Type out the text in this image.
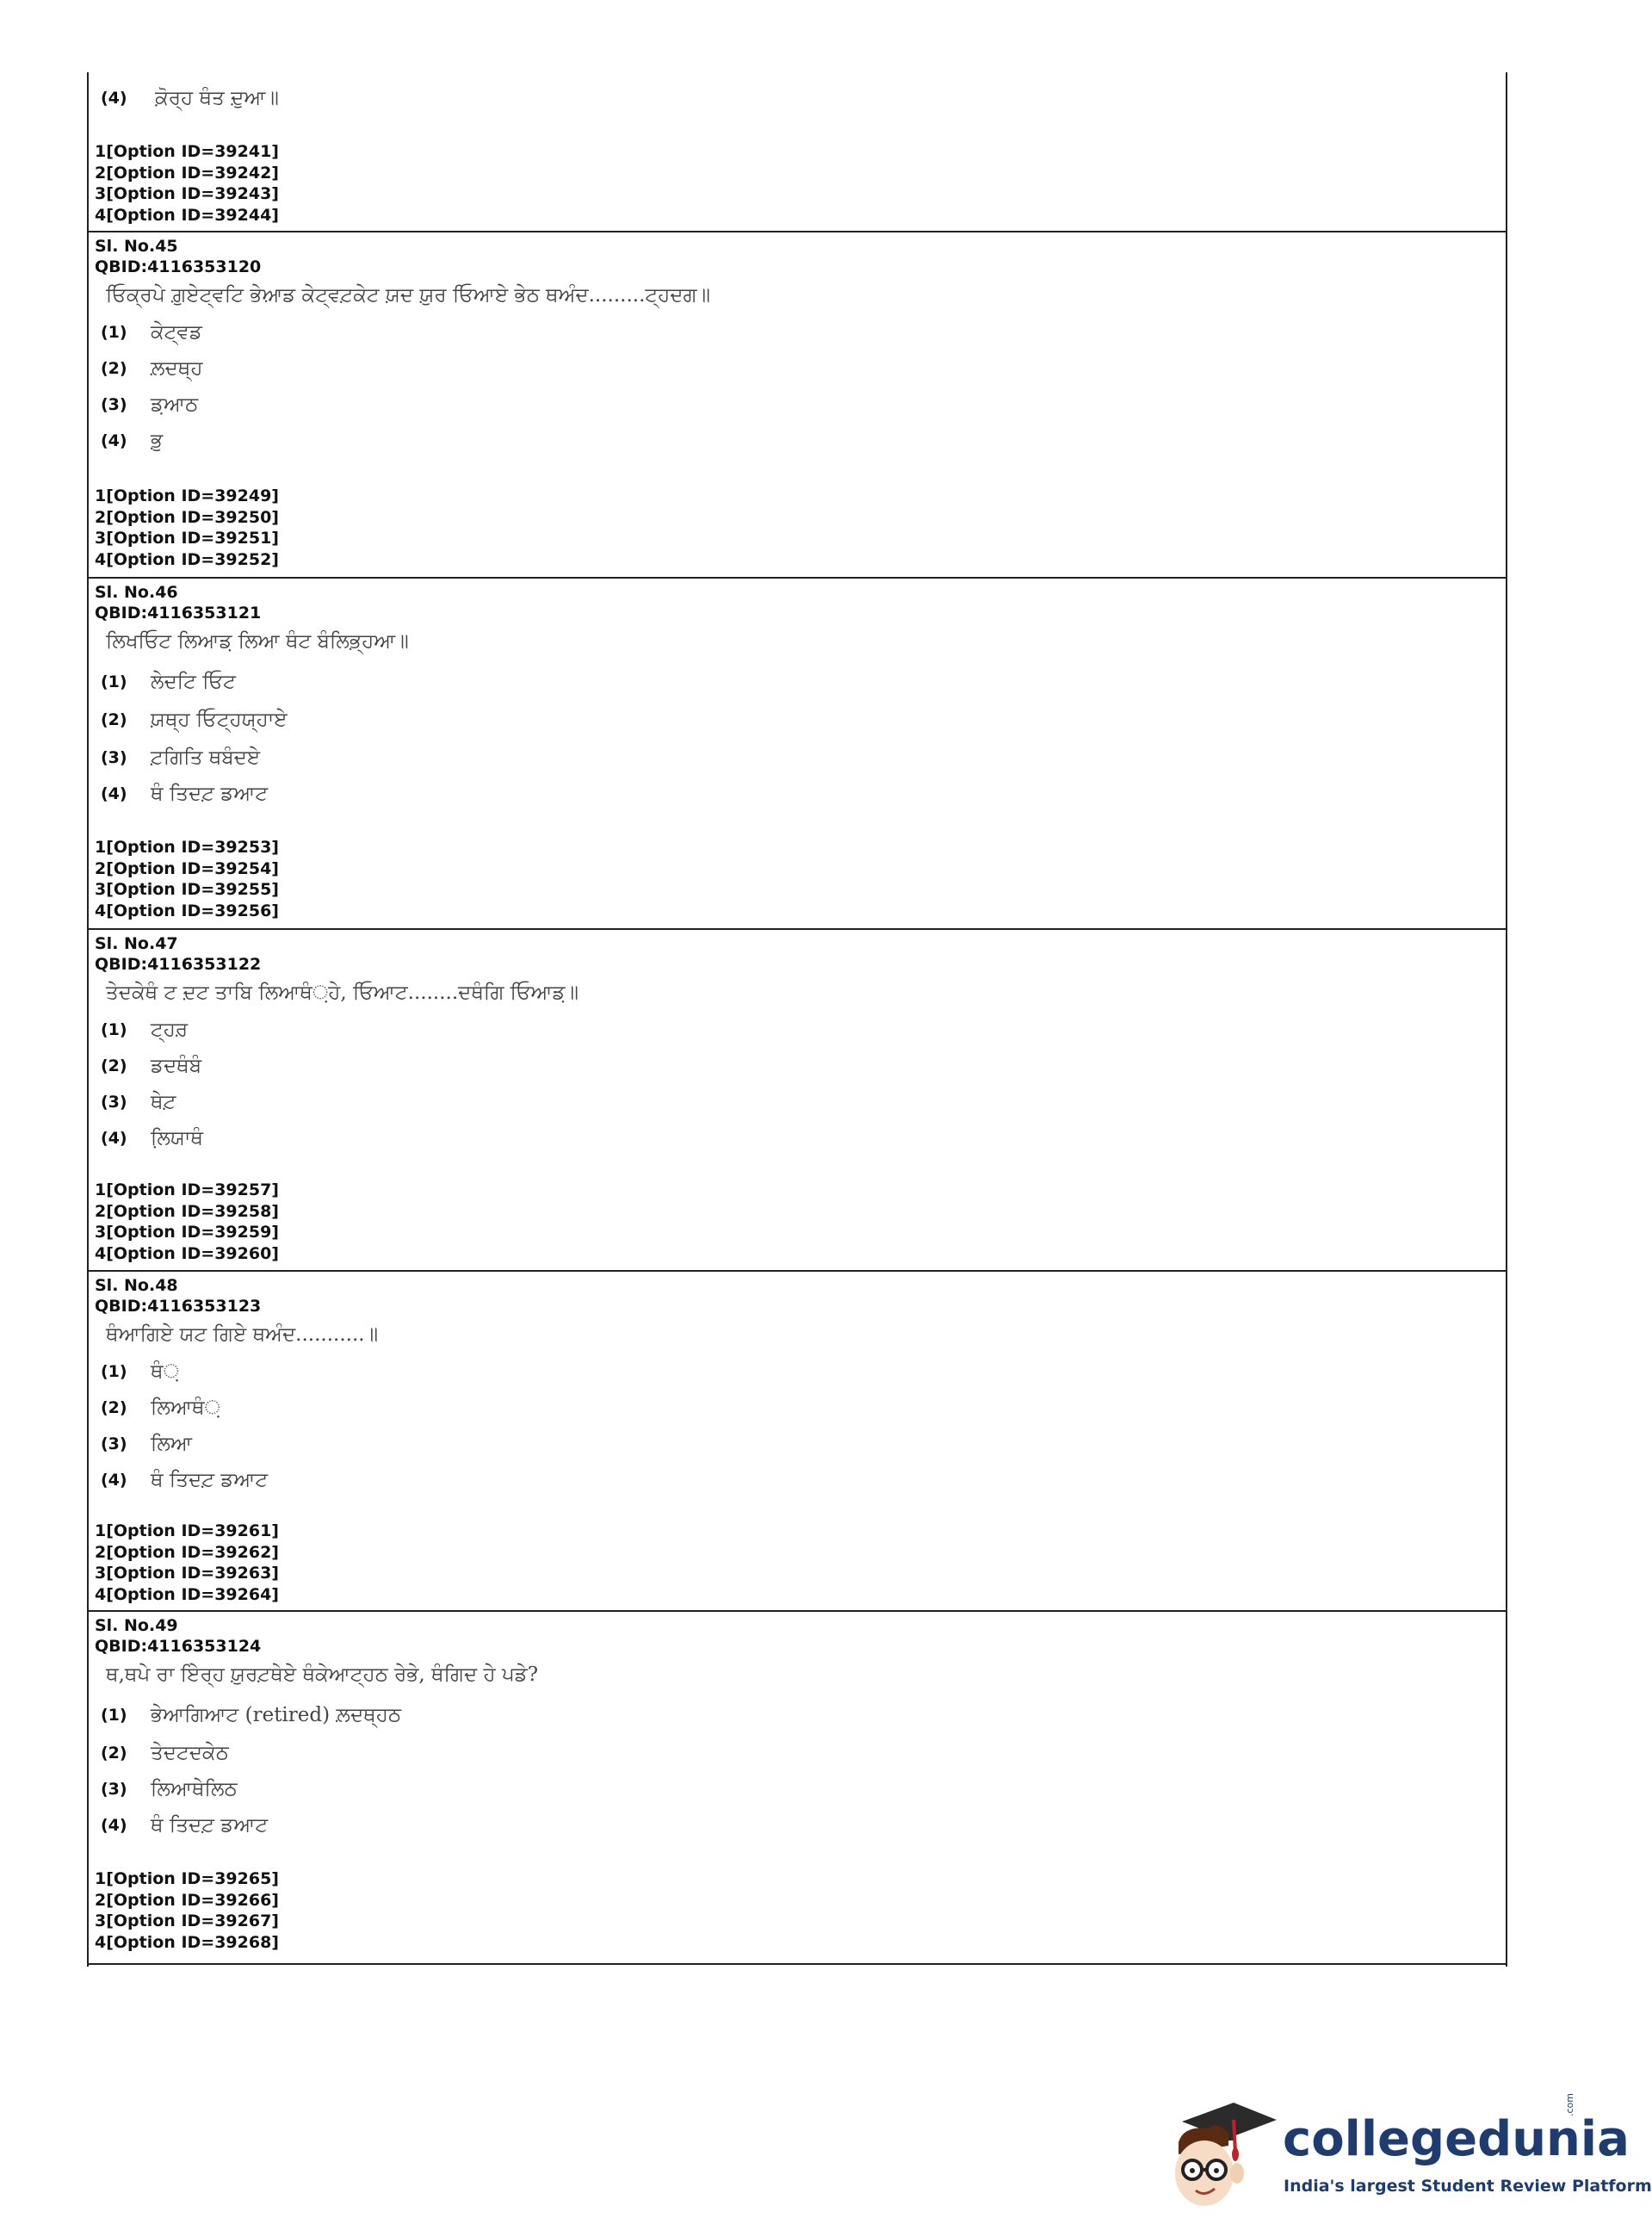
(4) ਕ਼ੋਰ੍ਹ ਥੰਤ ਦ਼ੁਆ॥
1[Option ID=39241]
2[Option ID=39242]
3[Option ID=39243]
4[Option ID=39244]
Sl. No.45
QBID:4116353120
ਓਿਕ੍ਰਪੇ ਗ਼ੁਏਟ੍ਵਟਿ ਭੇਆ਼ਡ ਕੇਟ੍ਵਟ਼ਕੇਟ ਯ਼ਦ ਯ਼ੁਰ ਓਿਆਏ ਭੇਠ ਥਅੰਦ.........ਟ੍ਹਦਗ॥
(1) ਕੇਟ੍ਵਡ
(2) ਲ਼ਦਥ੍ਹ
(3) ਡ਼ਆਠ
(4) ਭ਼ੁ
1[Option ID=39249]
2[Option ID=39250]
3[Option ID=39251]
4[Option ID=39252]
Sl. No.46
QBID:4116353121
ਲਿਖਓਿਟ ਲਿਆਡ਼ ਲਿਆ ਥੰਟ ਬੰਲਿਭ਼੍ਹਆ॥
(1) ਲੇਦਟਿ ਓਿਟ
(2) ਯ਼ਥ੍ਹ ਓਿਟ੍ਹਯ੍ਹਾਏ
(3) ਟ਼ਗਿਤਿ ਥਬੰਦਏ
(4) ਥੰ ਤਿਦਟ਼ ਡਆਟ
1[Option ID=39253]
2[Option ID=39254]
3[Option ID=39255]
4[Option ID=39256]
Sl. No.47
QBID:4116353122
ਤੇਦਕੇਥੰ ਟ ਦ਼ਟ ਤਾਬਿ ਲਿਆਥੰ਼ਹੇ, ਓਿਆਟ........ਦਥੰਗਿ ਓਿਆਡ਼॥
(1) ਟ੍ਹਰ਼
(2) ਡਦਥੰਬੰ
(3) ਥੇਟ਼
(4) ਲਿ਼ਯਾਥੰ
1[Option ID=39257]
2[Option ID=39258]
3[Option ID=39259]
4[Option ID=39260]
Sl. No.48
QBID:4116353123
ਥੰਆਗਿਏ ਯਟ ਗਿਏ ਥਅੰਦ...........॥
(1) ਥੰ਼
(2) ਲਿਆਥੰ਼
(3) ਲਿਆ
(4) ਥੰ ਤਿਦਟ਼ ਡਆਟ
1[Option ID=39261]
2[Option ID=39262]
3[Option ID=39263]
4[Option ID=39264]
Sl. No.49
QBID:4116353124
ਥ,ਥਪੇ ਰਾ ਏਿਰ੍ਹ ਯ਼ੁਰਟ਼ਥੇਏ ਥੰਕੇਆਟ੍ਹਠ ਰੇਭੇ, ਥੰਗਿਦ ਹੇ ਪਡੇ?
(1) ਭੇਆਗਿਆਟ (retired) ਲ਼ਦਥ੍ਹਠ
(2) ਤੇਦਟਦਕੇਠ
(3) ਲਿਆਥੇਲਿਠ
(4) ਥੰ ਤਿਦਟ਼ ਡਆਟ
1[Option ID=39265]
2[Option ID=39266]
3[Option ID=39267]
4[Option ID=39268]
collegedunia
.com
India's largest Student Review Platform
